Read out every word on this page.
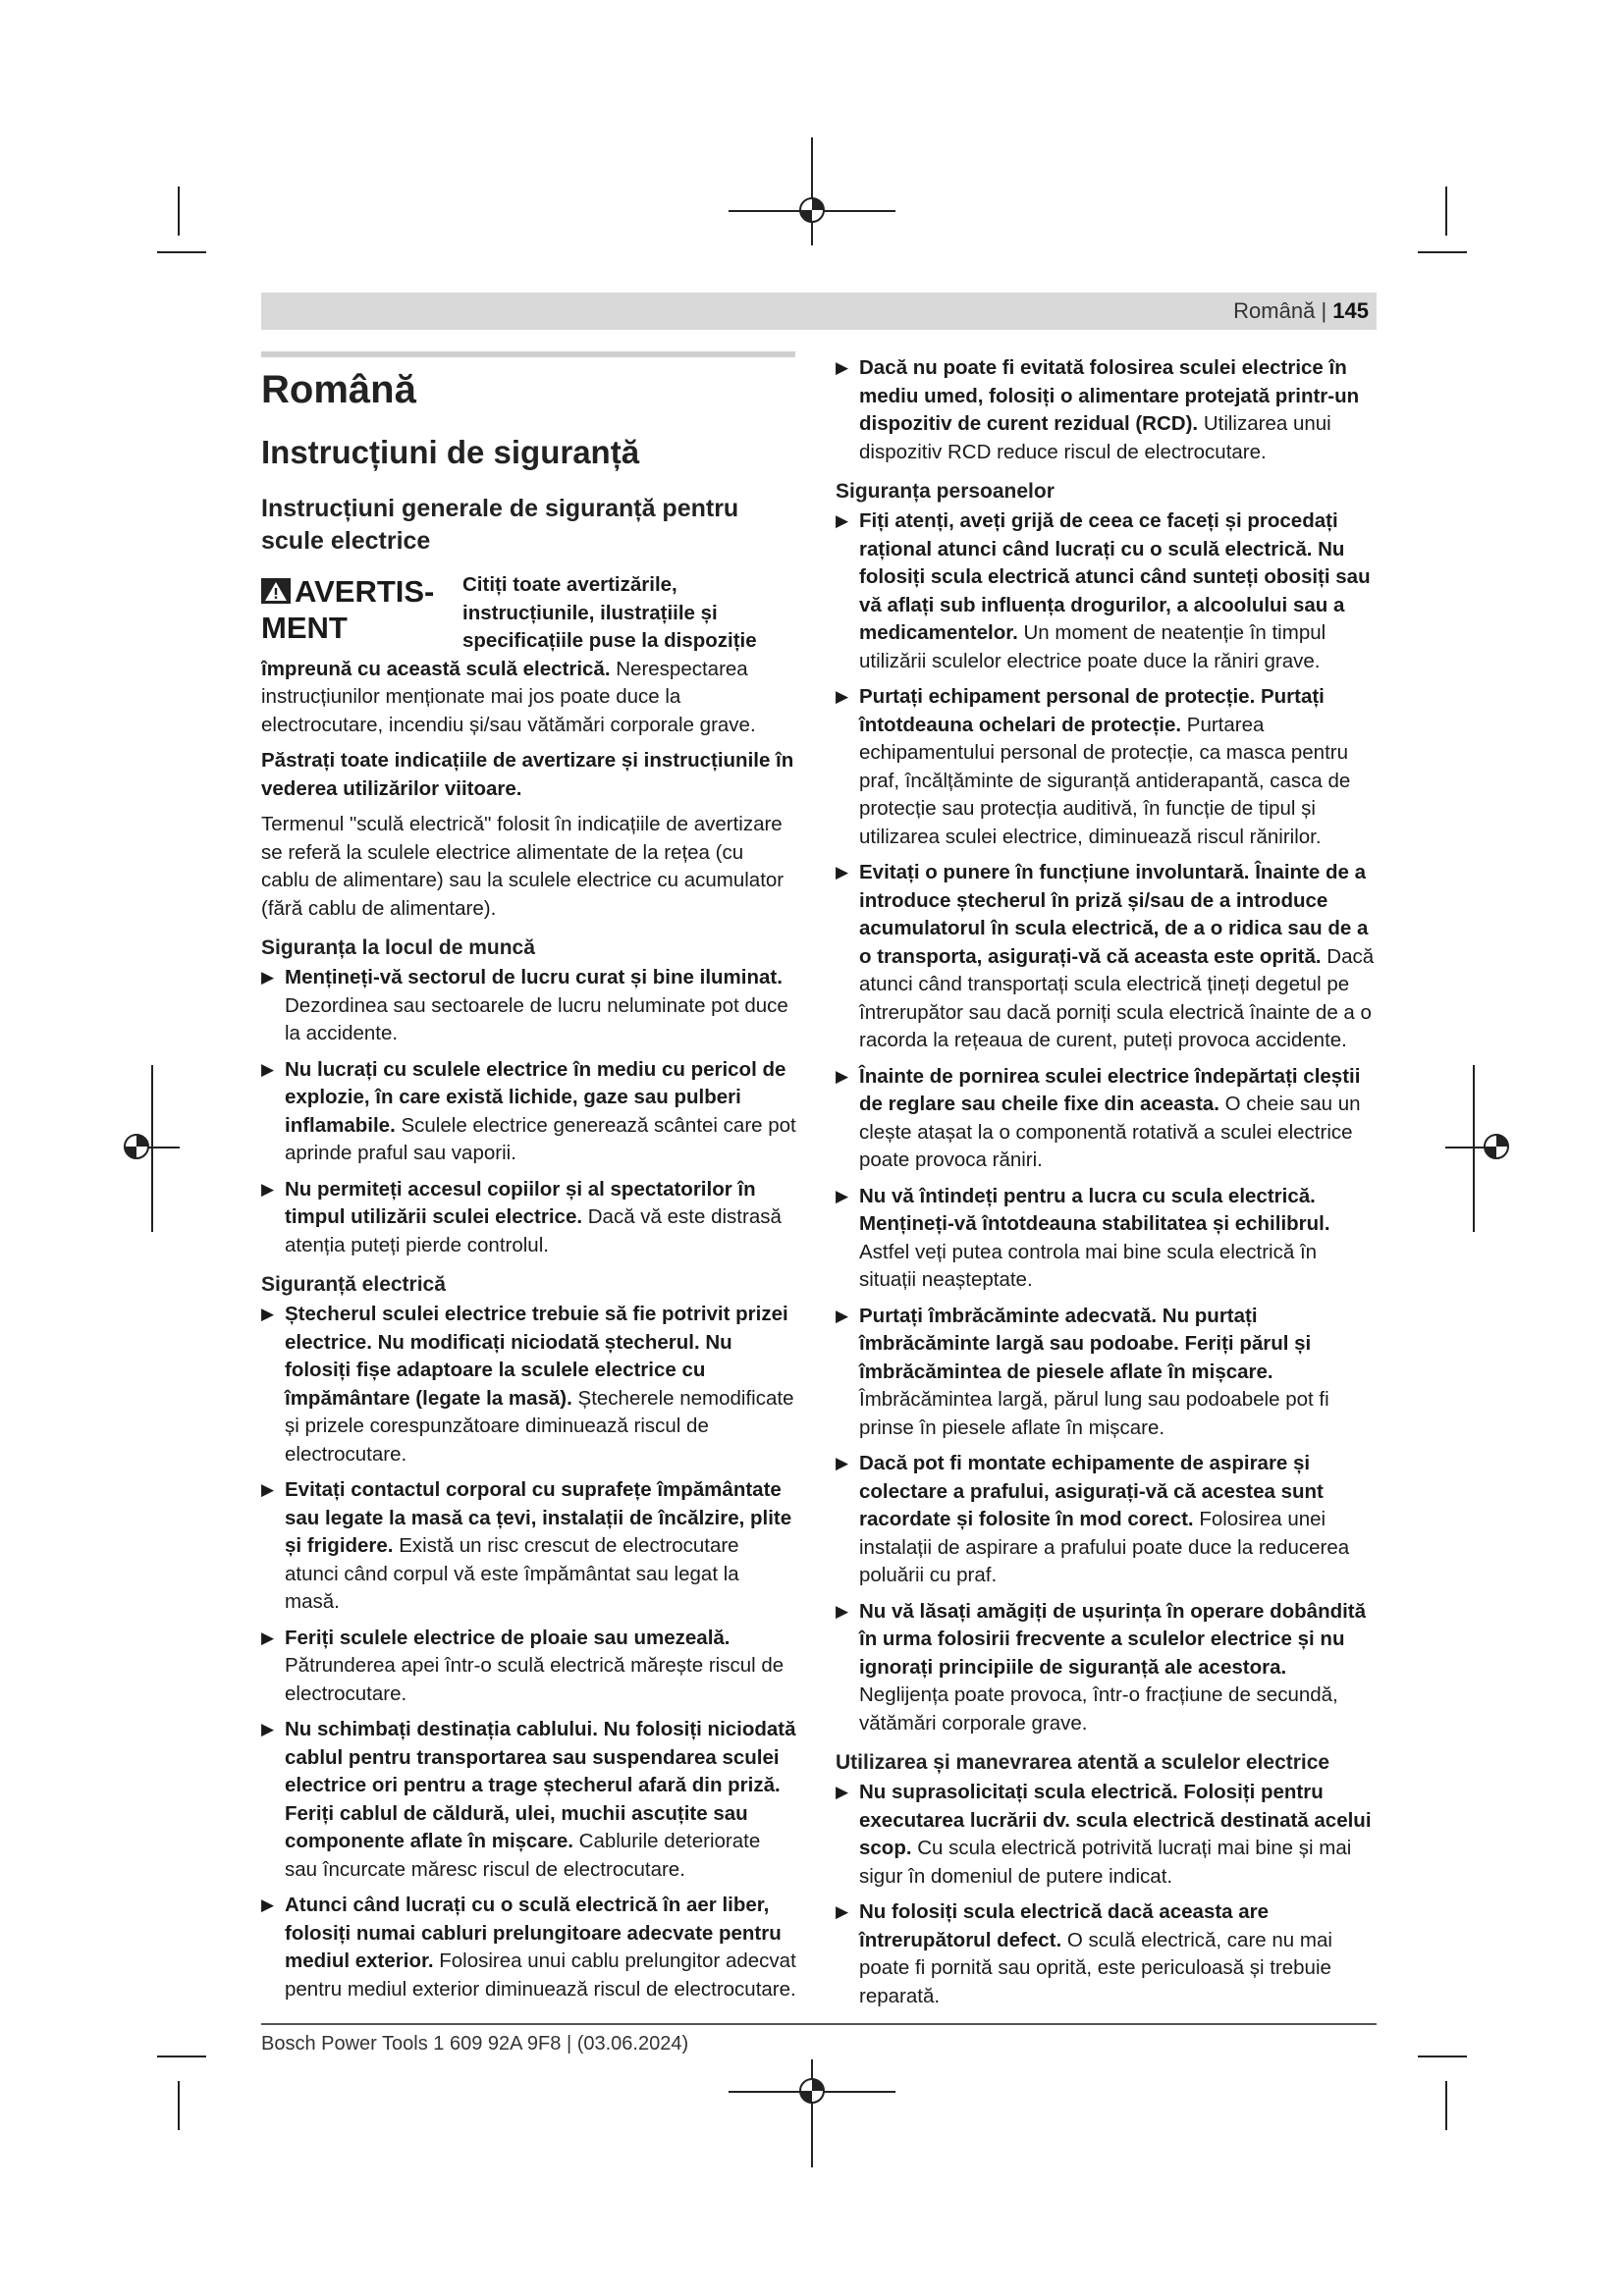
Română | 145
Română
Instrucțiuni de siguranță
Instrucțiuni generale de siguranță pentru scule electrice
AVERTIS-
MENT

Citiți toate avertizările, instrucțiunile, ilustrațiile și specificațiile puse la dispoziție împreună cu această sculă electrică. Nerespectarea instrucțiunilor menționate mai jos poate duce la electrocutare, incendiu și/sau vătămări corporale grave.

Păstrați toate indicațiile de avertizare și instrucțiunile în vederea utilizărilor viitoare.

Termenul "sculă electrică" folosit în indicațiile de avertizare se referă la sculele electrice alimentate de la rețea (cu cablu de alimentare) sau la sculele electrice cu acumulator (fără cablu de alimentare).

Siguranța la locul de muncă
▶ Mențineți-vă sectorul de lucru curat și bine iluminat. Dezordinea sau sectoarele de lucru neluminate pot duce la accidente.
▶ Nu lucrați cu sculele electrice în mediu cu pericol de explozie, în care există lichide, gaze sau pulberi inflamabile. Sculele electrice generează scântei care pot aprinde praful sau vaporii.
▶ Nu permiteți accesul copiilor și al spectatorilor în timpul utilizării sculei electrice. Dacă vă este distrasă atenția puteți pierde controlul.
Siguranță electrică
▶ Ștecherul sculei electrice trebuie să fie potrivit prizei electrice. Nu modificați niciodată ștecherul. Nu folosiți fișe adaptoare la sculele electrice cu împământare (legate la masă). Ștecherele nemodificate și prizele corespunzătoare diminuează riscul de electrocutare.
▶ Evitați contactul corporal cu suprafețe împământate sau legate la masă ca țevi, instalații de încălzire, plite și frigidere. Există un risc crescut de electrocutare atunci când corpul vă este împământat sau legat la masă.
▶ Feriți sculele electrice de ploaie sau umezeală. Pătrunderea apei într-o sculă electrică mărește riscul de electrocutare.
▶ Nu schimbați destinația cablului. Nu folosiți niciodată cablul pentru transportarea sau suspendarea sculei electrice ori pentru a trage ștecherul afară din priză. Feriți cablul de căldură, ulei, muchii ascuțite sau componente aflate în mișcare. Cablurile deteriorate sau încurcate măresc riscul de electrocutare.
▶ Atunci când lucrați cu o sculă electrică în aer liber, folosiți numai cabluri prelungitoare adecvate pentru mediul exterior. Folosirea unui cablu prelungitor adecvat pentru mediul exterior diminuează riscul de electrocutare.
▶ Dacă nu poate fi evitată folosirea sculei electrice în mediu umed, folosiți o alimentare protejată printr-un dispozitiv de curent rezidual (RCD). Utilizarea unui dispozitiv RCD reduce riscul de electrocutare.
Siguranța persoanelor
▶ Fiți atenți, aveți grijă de ceea ce faceți și procedați rațional atunci când lucrați cu o sculă electrică. Nu folosiți scula electrică atunci când sunteți obosiți sau vă aflați sub influența drogurilor, a alcoolului sau a medicamentelor. Un moment de neatenție în timpul utilizării sculelor electrice poate duce la răniri grave.
▶ Purtați echipament personal de protecție. Purtați întotdeauna ochelari de protecție. Purtarea echipamentului personal de protecție, ca masca pentru praf, încălțăminte de siguranță antiderapantă, casca de protecție sau protecția auditivă, în funcție de tipul și utilizarea sculei electrice, diminuează riscul rănirilor.
▶ Evitați o punere în funcțiune involuntară. Înainte de a introduce ștecherul în priză și/sau de a introduce acumulatorul în scula electrică, de a o ridica sau de a o transporta, asigurați-vă că aceasta este oprită. Dacă atunci când transportați scula electrică țineți degetul pe întrerupător sau dacă porniți scula electrică înainte de a o racorda la rețeaua de curent, puteți provoca accidente.
▶ Înainte de pornirea sculei electrice îndepărtați cleștii de reglare sau cheile fixe din aceasta. O cheie sau un clește atașat la o componentă rotativă a sculei electrice poate provoca răniri.
▶ Nu vă întindeți pentru a lucra cu scula electrică. Mențineți-vă întotdeauna stabilitatea și echilibrul. Astfel veți putea controla mai bine scula electrică în situații neașteptate.
▶ Purtați îmbrăcăminte adecvată. Nu purtați îmbrăcăminte largă sau podoabe. Feriți părul și îmbrăcămintea de piesele aflate în mișcare. Îmbrăcămintea largă, părul lung sau podoabele pot fi prinse în piesele aflate în mișcare.
▶ Dacă pot fi montate echipamente de aspirare și colectare a prafului, asigurați-vă că acestea sunt racordate și folosite în mod corect. Folosirea unei instalații de aspirare a prafului poate duce la reducerea poluării cu praf.
▶ Nu vă lăsați amăgiți de ușurința în operare dobândită în urma folosirii frecvente a sculelor electrice și nu ignorați principiile de siguranță ale acestora. Neglijența poate provoca, într-o fracțiune de secundă, vătămări corporale grave.
Utilizarea și manevrarea atentă a sculelor electrice
▶ Nu suprasolicitați scula electrică. Folosiți pentru executarea lucrării dv. scula electrică destinată acelui scop. Cu scula electrică potrivită lucrați mai bine și mai sigur în domeniul de putere indicat.
▶ Nu folosiți scula electrică dacă aceasta are întrerupătorul defect. O sculă electrică, care nu mai poate fi pornită sau oprită, este periculoasă și trebuie reparată.
Bosch Power Tools 1 609 92A 9F8 | (03.06.2024)
